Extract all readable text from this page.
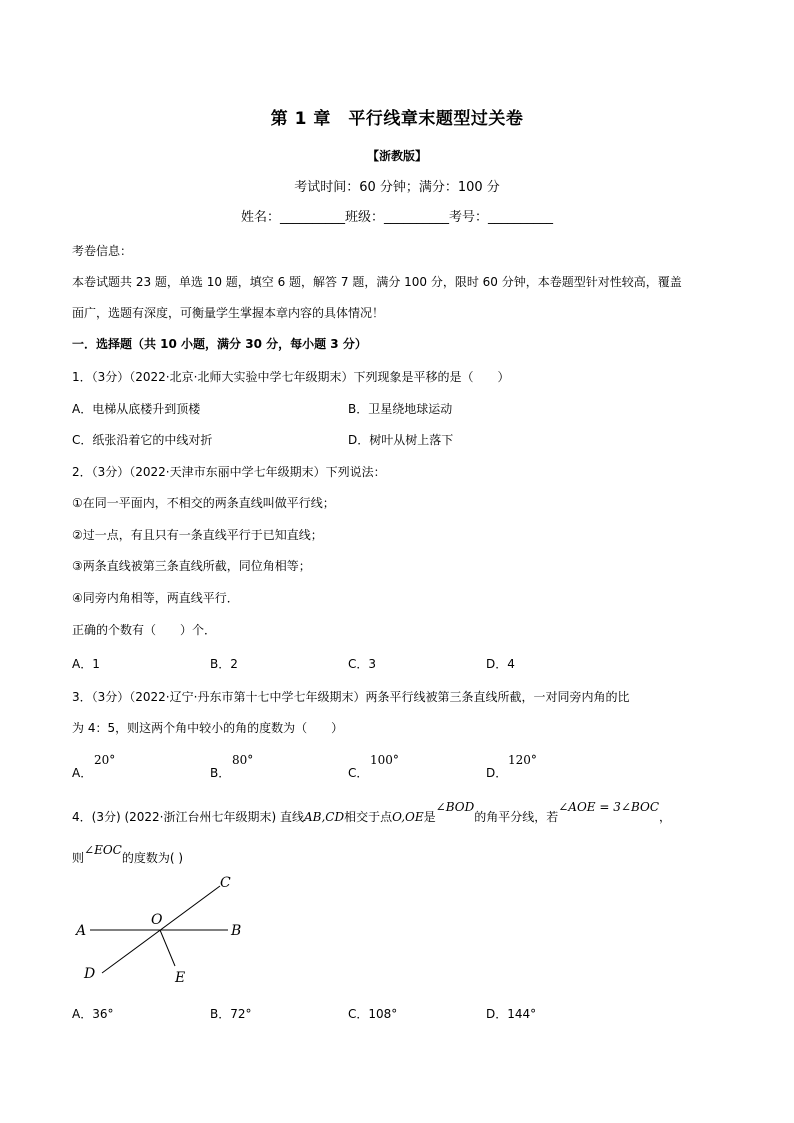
第 1 章　平行线章末题型过关卷
【浙教版】
考试时间：60 分钟；满分：100 分
姓名：__________班级：__________考号：__________
考卷信息：
本卷试题共 23 题，单选 10 题，填空 6 题，解答 7 题，满分 100 分，限时 60 分钟，本卷题型针对性较高，覆盖
面广，选题有深度，可衡量学生掌握本章内容的具体情况！
一．选择题（共 10 小题，满分 30 分，每小题 3 分）
1．（3分）（2022·北京·北师大实验中学七年级期末）下列现象是平移的是（　　）
A．电梯从底楼升到顶楼	B．卫星绕地球运动
C．纸张沿着它的中线对折	D．树叶从树上落下
2．（3分）（2022·天津市东丽中学七年级期末）下列说法：
①在同一平面内，不相交的两条直线叫做平行线；
②过一点，有且只有一条直线平行于已知直线；
③两条直线被第三条直线所截，同位角相等；
④同旁内角相等，两直线平行．
正确的个数有（　　）个．
A．1	B．2	C．3	D．4
3．（3分）（2022·辽宁·丹东市第十七中学七年级期末）两条平行线被第三条直线所截，一对同旁内角的比
为 4：5，则这两个角中较小的角的度数为（　　）
A．
20°
B．
80°
C．
100°
D．
120°
4．(3分) (2022·浙江台州七年级期末) 直线AB,CD相交于点O,OE是∠BOD的角平分线，若∠AOE = 3∠BOC，
则∠EOC的度数为( )
A	B
C
D	E
O
A．36°	B．72°	C．108°	D．144°
